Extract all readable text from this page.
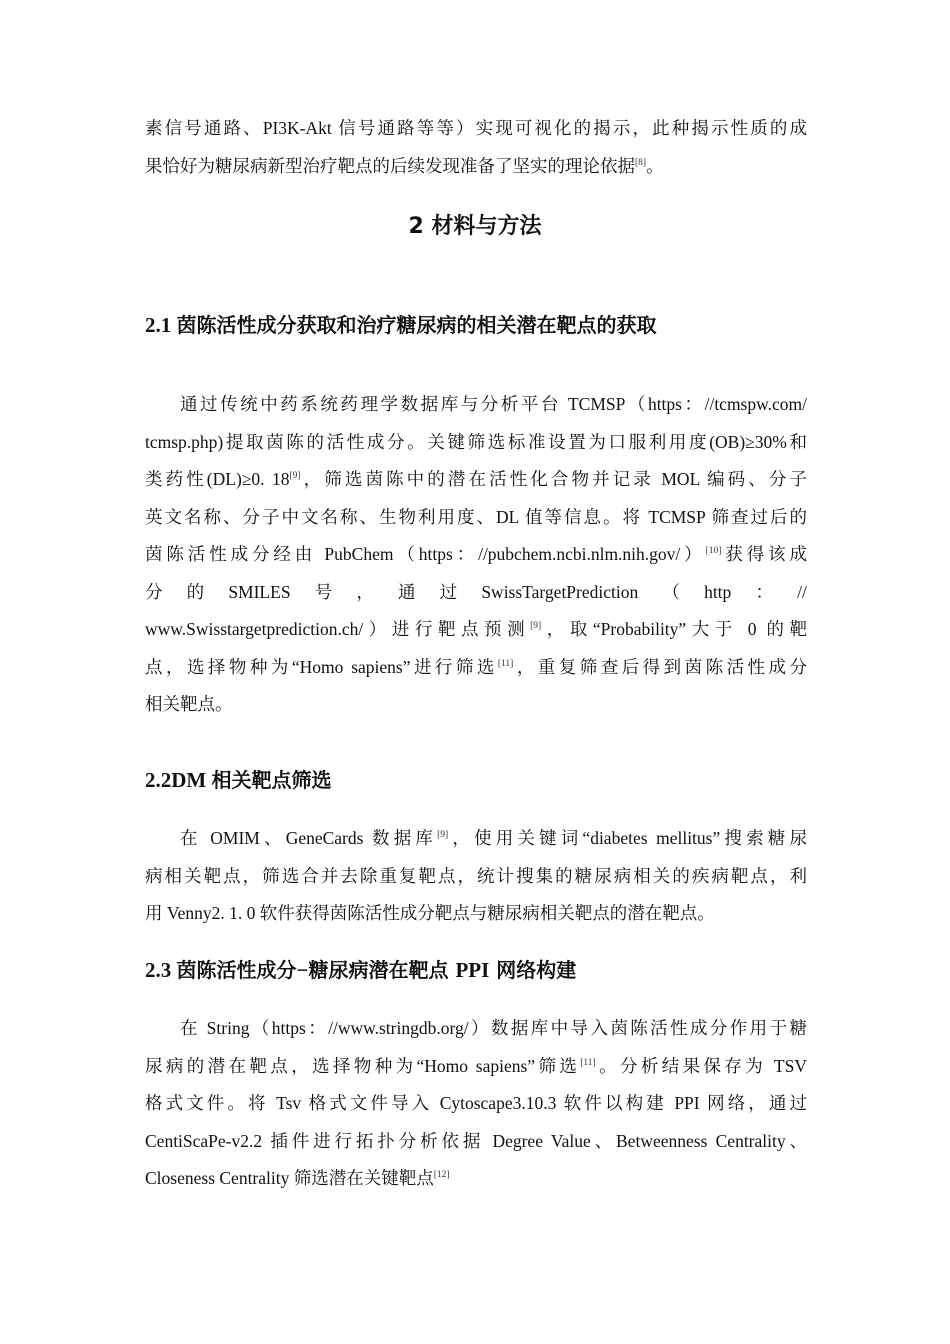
素信号通路、PI3K-Akt 信号通路等等）实现可视化的揭示，此种揭示性质的成
果恰好为糖尿病新型治疗靶点的后续发现准备了坚实的理论依据[8]。
2 材料与方法
2.1 茵陈活性成分获取和治疗糖尿病的相关潜在靶点的获取
通过传统中药系统药理学数据库与分析平台 TCMSP（https：//tcmspw.com/
tcmsp.php)提取茵陈的活性成分。关键筛选标准设置为口服利用度(OB)≥30%和
类药性(DL)≥0. 18[9]，筛选茵陈中的潜在活性化合物并记录 MOL 编码、分子
英文名称、分子中文名称、生物利用度、DL 值等信息。将 TCMSP 筛查过后的
茵陈活性成分经由 PubChem（https：//pubchem.ncbi.nlm.nih.gov/）[10]获得该成
分 的 SMILES 号 ， 通 过 SwissTargetPrediction （ http ： //
www.Swisstargetprediction.ch/）进行靶点预测[9]，取“Probability”大于 0 的靶
点，选择物种为“Homo sapiens”进行筛选[11]，重复筛查后得到茵陈活性成分
相关靶点。
2.2DM 相关靶点筛选
在 OMIM、GeneCards 数据库[9]，使用关键词“diabetes mellitus”搜索糖尿
病相关靶点，筛选合并去除重复靶点，统计搜集的糖尿病相关的疾病靶点，利
用 Venny2. 1. 0 软件获得茵陈活性成分靶点与糖尿病相关靶点的潜在靶点。
2.3 茵陈活性成分−糖尿病潜在靶点 PPI 网络构建
在 String（https：//www.stringdb.org/）数据库中导入茵陈活性成分作用于糖
尿病的潜在靶点，选择物种为“Homo sapiens”筛选[11]。分析结果保存为 TSV
格式文件。将 Tsv 格式文件导入 Cytoscape3.10.3 软件以构建 PPI 网络，通过
CentiScaPe-v2.2 插件进行拓扑分析依据 Degree Value、Betweenness Centrality、
Closeness Centrality 筛选潜在关键靶点[12]
